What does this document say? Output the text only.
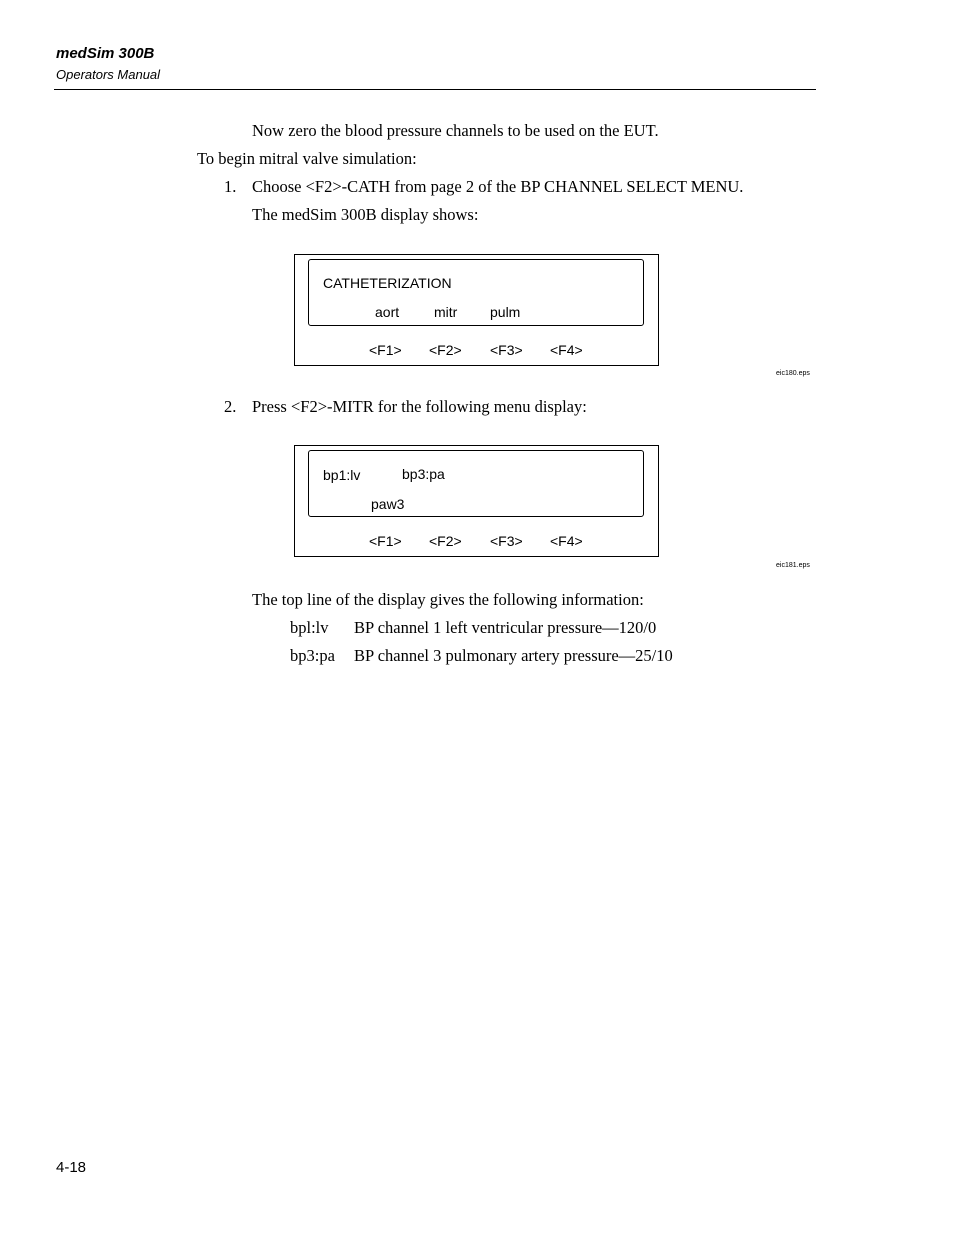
medSim 300B
Operators Manual
Now zero the blood pressure channels to be used on the EUT.
To begin mitral valve simulation:
1. Choose <F2>-CATH from page 2 of the BP CHANNEL SELECT MENU.
The medSim 300B display shows:
CATHETERIZATION
aort mitr pulm
<F1> <F2> <F3> <F4>
eic180.eps
2. Press <F2>-MITR for the following menu display:
bp1:lv	bp3:pa
paw3
<F1> <F2> <F3> <F4>
eic181.eps
The top line of the display gives the following information:
bpl:lv BP channel 1 left ventricular pressure—120/0
bp3:pa BP channel 3 pulmonary artery pressure—25/10
4-18
